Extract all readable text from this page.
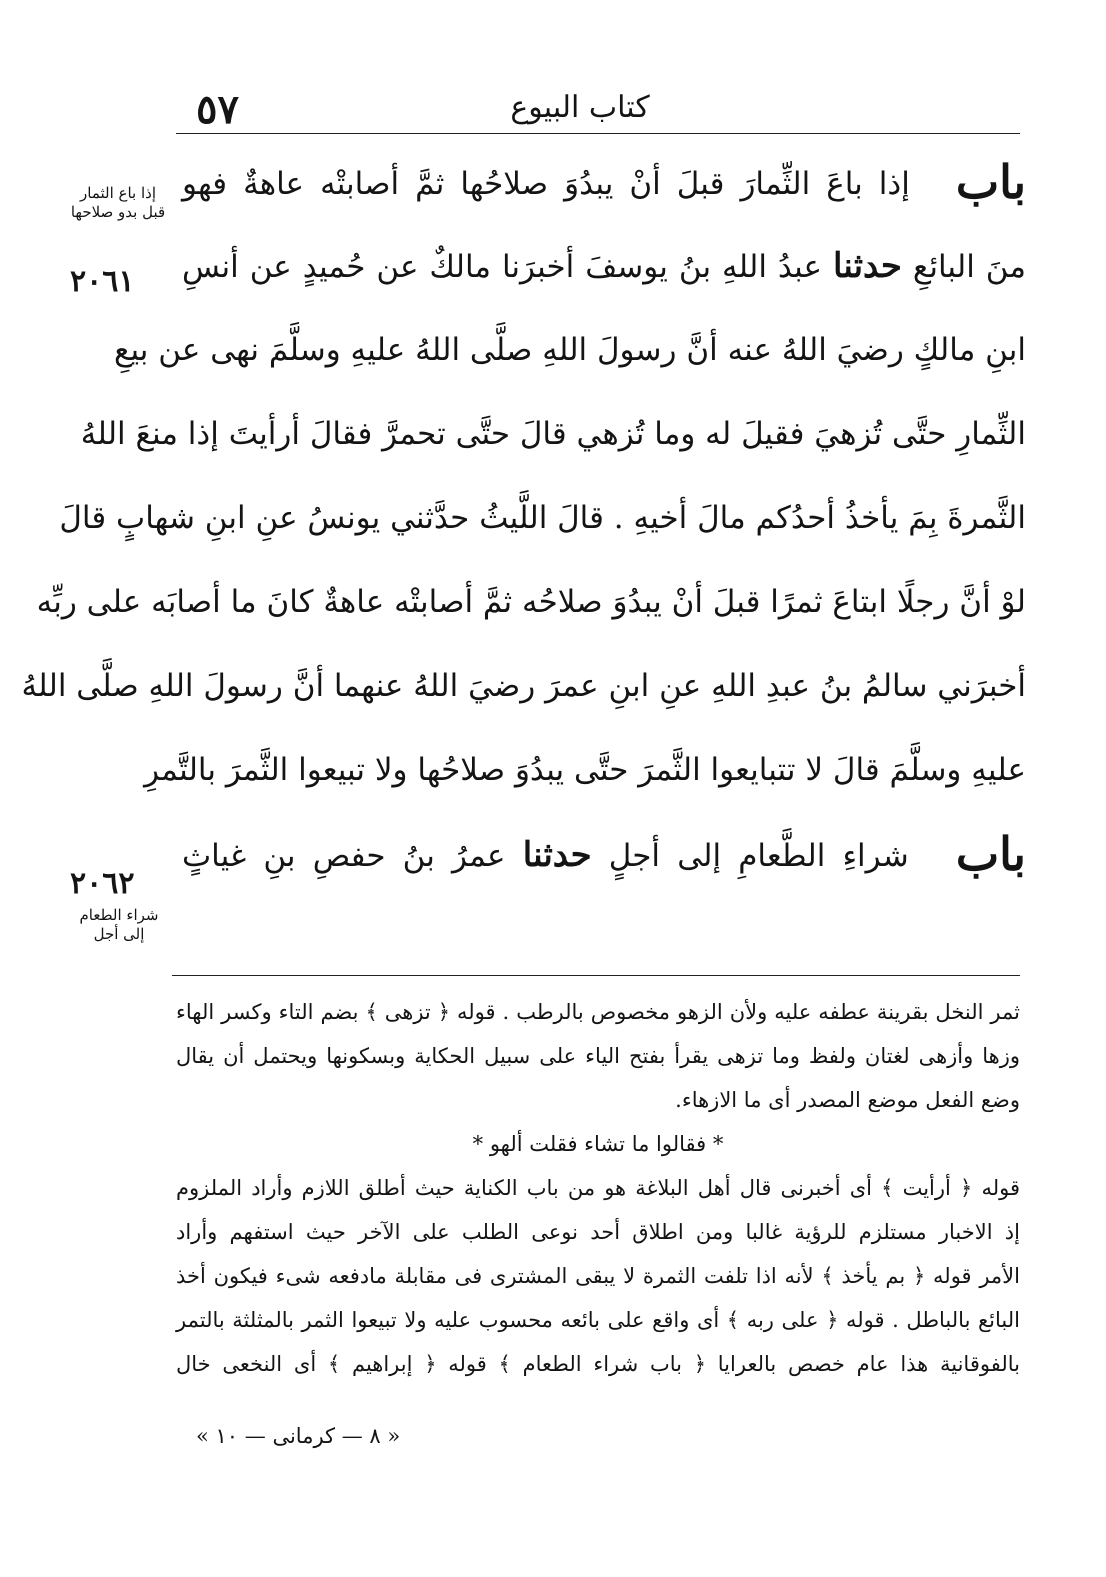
٥٧	كتاب البيوع
إذا باع الثمار
قبل بدو صلاحها
٢٠٦١
٢٠٦٢
شراء الطعام
إلى أجل
باب إذا باعَ الثِّمارَ قبلَ أنْ يبدُوَ صلاحُها ثمَّ أصابتْه عاهةٌ فهو
منَ البائعِ حدثنا عبدُ اللهِ بنُ يوسفَ أخبرَنا مالكٌ عن حُميدٍ عن أنسِ
ابنِ مالكٍ رضيَ اللهُ عنه أنَّ رسولَ اللهِ صلَّى اللهُ عليهِ وسلَّمَ نهى عن بيعِ
الثِّمارِ حتَّى تُزهيَ فقيلَ له وما تُزهي قالَ حتَّى تحمرَّ فقالَ أرأيتَ إذا منعَ اللهُ
الثَّمرةَ بِمَ يأخذُ أحدُكم مالَ أخيهِ . قالَ اللَّيثُ حدَّثني يونسُ عنِ ابنِ شهابٍ قالَ
لوْ أنَّ رجلًا ابتاعَ ثمرًا قبلَ أنْ يبدُوَ صلاحُه ثمَّ أصابتْه عاهةٌ كانَ ما أصابَه على ربِّه
أخبرَني سالمُ بنُ عبدِ اللهِ عنِ ابنِ عمرَ رضيَ اللهُ عنهما أنَّ رسولَ اللهِ صلَّى اللهُ
عليهِ وسلَّمَ قالَ لا تتبايعوا الثَّمرَ حتَّى يبدُوَ صلاحُها ولا تبيعوا الثَّمرَ بالتَّمرِ
باب شراءِ الطَّعامِ إلى أجلٍ حدثنا عمرُ بنُ حفصِ بنِ غياثٍ
ثمر النخل بقرينة عطفه عليه ولأن الزهو مخصوص بالرطب . قوله ﴿ تزهى ﴾ بضم التاء وكسر الهاء
وزها وأزهى لغتان ولفظ وما تزهى يقرأ بفتح الياء على سبيل الحكاية وبسكونها ويحتمل أن يقال
وضع الفعل موضع المصدر أى ما الازهاء.
* فقالوا ما تشاء فقلت ألهو *
قوله ﴿ أرأيت ﴾ أى أخبرنى قال أهل البلاغة هو من باب الكناية حيث أطلق اللازم وأراد الملزوم
إذ الاخبار مستلزم للرؤية غالبا ومن اطلاق أحد نوعى الطلب على الآخر حيث استفهم وأراد
الأمر قوله ﴿ بم يأخذ ﴾ لأنه اذا تلفت الثمرة لا يبقى المشترى فى مقابلة مادفعه شىء فيكون أخذ
البائع بالباطل . قوله ﴿ على ربه ﴾ أى واقع على بائعه محسوب عليه ولا تبيعوا الثمر بالمثلثة بالتمر
بالفوقانية هذا عام خصص بالعرايا ﴿ باب شراء الطعام ﴾ قوله ﴿ إبراهيم ﴾ أى النخعى خال
« ٨ — كرمانى — ١٠ »
